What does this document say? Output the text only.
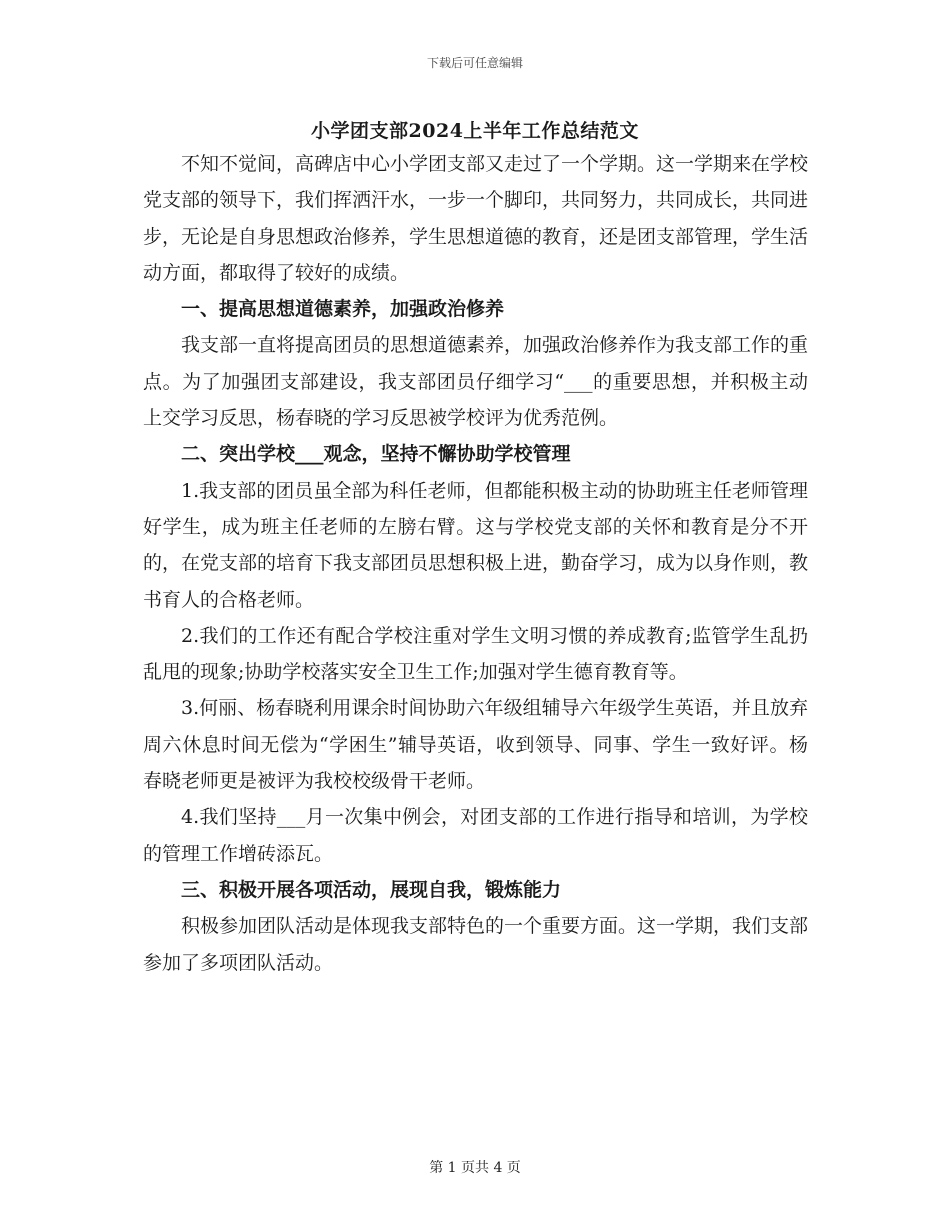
下载后可任意编辑
小学团支部2024上半年工作总结范文

不知不觉间，高碑店中心小学团支部又走过了一个学期。这一学期来在学校党支部的领导下，我们挥洒汗水，一步一个脚印，共同努力，共同成长，共同进步，无论是自身思想政治修养，学生思想道德的教育，还是团支部管理，学生活动方面，都取得了较好的成绩。

一、提高思想道德素养，加强政治修养

我支部一直将提高团员的思想道德素养，加强政治修养作为我支部工作的重点。为了加强团支部建设，我支部团员仔细学习“___的重要思想，并积极主动上交学习反思，杨春晓的学习反思被学校评为优秀范例。

二、突出学校___观念，坚持不懈协助学校管理

1.我支部的团员虽全部为科任老师，但都能积极主动的协助班主任老师管理好学生，成为班主任老师的左膀右臂。这与学校党支部的关怀和教育是分不开的，在党支部的培育下我支部团员思想积极上进，勤奋学习，成为以身作则，教书育人的合格老师。

2.我们的工作还有配合学校注重对学生文明习惯的养成教育;监管学生乱扔乱甩的现象;协助学校落实安全卫生工作;加强对学生德育教育等。

3.何丽、杨春晓利用课余时间协助六年级组辅导六年级学生英语，并且放弃周六休息时间无偿为“学困生”辅导英语，收到领导、同事、学生一致好评。杨春晓老师更是被评为我校校级骨干老师。

4.我们坚持___月一次集中例会，对团支部的工作进行指导和培训，为学校的管理工作增砖添瓦。

三、积极开展各项活动，展现自我，锻炼能力

积极参加团队活动是体现我支部特色的一个重要方面。这一学期，我们支部参加了多项团队活动。

第 1 页共 4 页
